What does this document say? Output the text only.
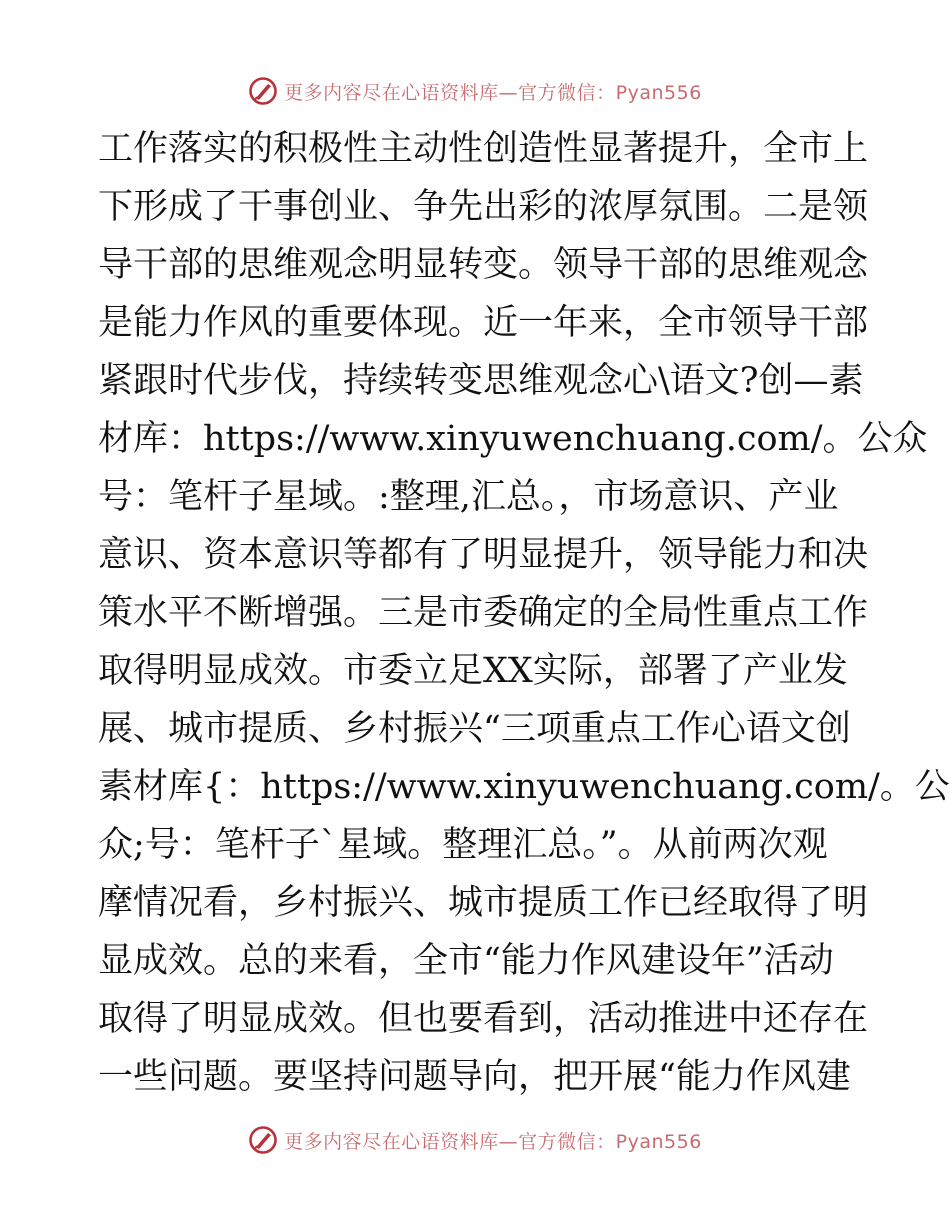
更多内容尽在心语资料库—官方微信：Pyan556
工作落实的积极性主动性创造性显著提升，全市上
下形成了干事创业、争先出彩的浓厚氛围。二是领
导干部的思维观念明显转变。领导干部的思维观念
是能力作风的重要体现。近一年来，全市领导干部
紧跟时代步伐，持续转变思维观念心\语文?创—素
材库：https://www.xinyuwenchuang.com/。公众
号：笔杆子星域。:整理,汇总。，市场意识、产业
意识、资本意识等都有了明显提升，领导能力和决
策水平不断增强。三是市委确定的全局性重点工作
取得明显成效。市委立足XX实际，部署了产业发
展、城市提质、乡村振兴“三项重点工作心语文创
素材库{：https://www.xinyuwenchuang.com/。公
众;号：笔杆子`星域。整理汇总。”。从前两次观
摩情况看，乡村振兴、城市提质工作已经取得了明
显成效。总的来看，全市“能力作风建设年”活动
取得了明显成效。但也要看到，活动推进中还存在
一些问题。要坚持问题导向，把开展“能力作风建
更多内容尽在心语资料库—官方微信：Pyan556
